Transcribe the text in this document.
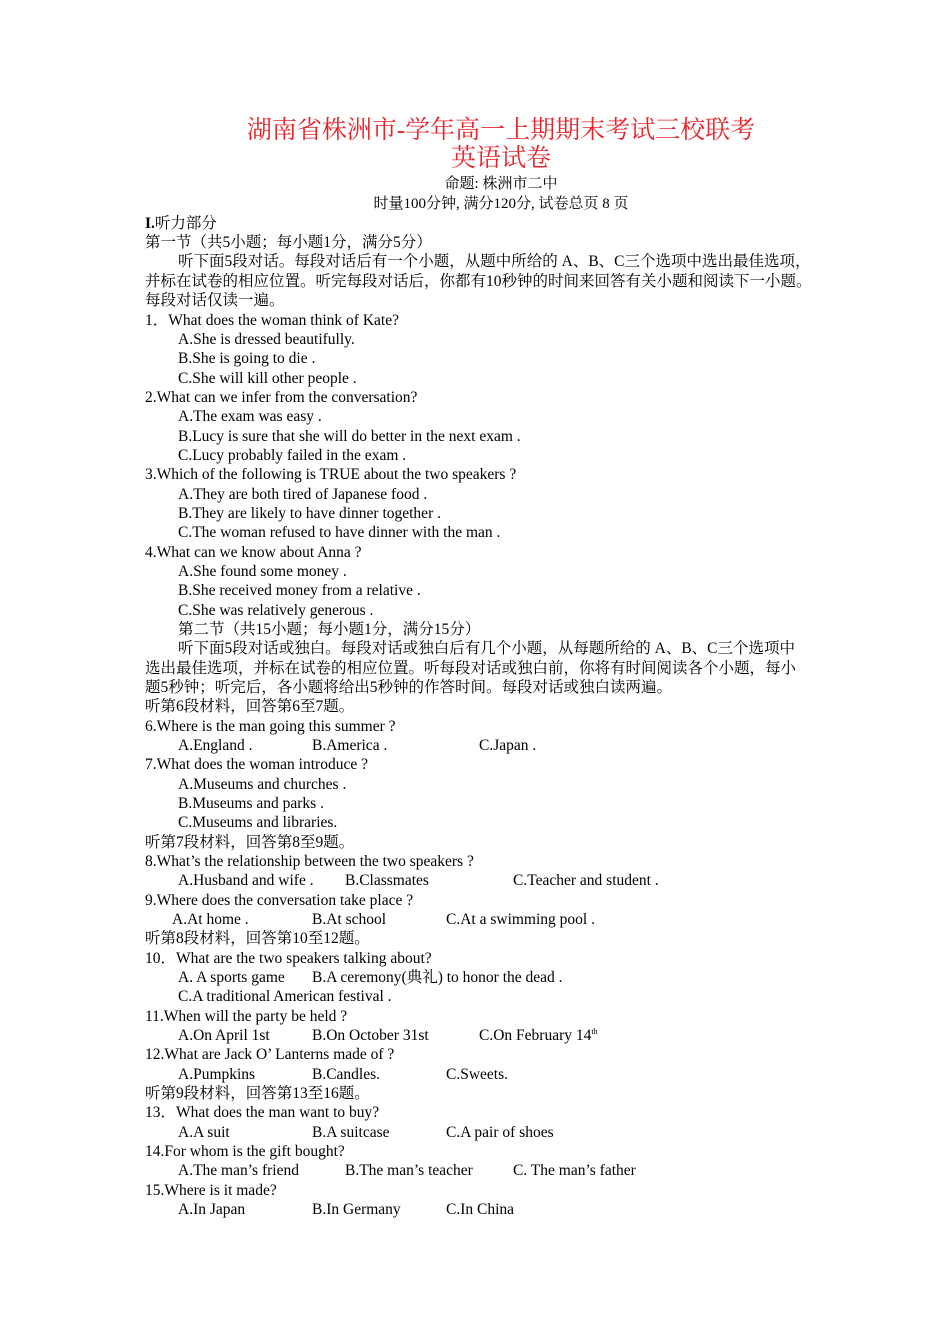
湖南省株洲市-学年高一上期期末考试三校联考
英语试卷
命题: 株洲市二中
时量100分钟, 满分120分, 试卷总页 8 页
I.听力部分
第一节（共5小题；每小题1分，满分5分）
听下面5段对话。每段对话后有一个小题，从题中所给的 A、B、C三个选项中选出最佳选项，
并标在试卷的相应位置。听完每段对话后，你都有10秒钟的时间来回答有关小题和阅读下一小题。
每段对话仅读一遍。
1．What does the woman think of Kate?
A.She is dressed beautifully.
B.She is going to die .
C.She will kill other people .
2.What can we infer from the conversation?
A.The exam was easy .
B.Lucy is sure that she will do better in the next exam .
C.Lucy probably failed in the exam .
3.Which of the following is TRUE about the two speakers ?
A.They are both tired of Japanese food .
B.They are likely to have dinner together .
C.The woman refused to have dinner with the man .
4.What can we know about Anna ?
A.She found some money .
B.She received money from a relative .
C.She was relatively generous .
第二节（共15小题；每小题1分，满分15分）
听下面5段对话或独白。每段对话或独白后有几个小题，从每题所给的 A、B、C三个选项中
选出最佳选项，并标在试卷的相应位置。听每段对话或独白前，你将有时间阅读各个小题，每小
题5秒钟；听完后，各小题将给出5秒钟的作答时间。每段对话或独白读两遍。
听第6段材料，回答第6至7题。
6.Where is the man going this summer ?
A.England .	B.America .	C.Japan .
7.What does the woman introduce ?
A.Museums and churches .
B.Museums and parks .
C.Museums and libraries.
听第7段材料，回答第8至9题。
8.What’s the relationship between the two speakers ?
A.Husband and wife . B.Classmates	C.Teacher and student .
9.Where does the conversation take place ?
A.At home .	B.At school	C.At a swimming pool .
听第8段材料，回答第10至12题。
10．What are the two speakers talking about?
A. A sports game B.A ceremony(典礼) to honor the dead .
C.A traditional American festival .
11.When will the party be held ?
A.On April 1st	B.On October 31st	C.On February 14th
12.What are Jack O’ Lanterns made of ?
A.Pumpkins	B.Candles.	C.Sweets.
听第9段材料，回答第13至16题。
13．What does the man want to buy?
A.A suit	B.A suitcase	C.A pair of shoes
14.For whom is the gift bought?
A.The man’s friend	B.The man’s teacher	C. The man’s father
15.Where is it made?
A.In Japan	B.In Germany	C.In China
